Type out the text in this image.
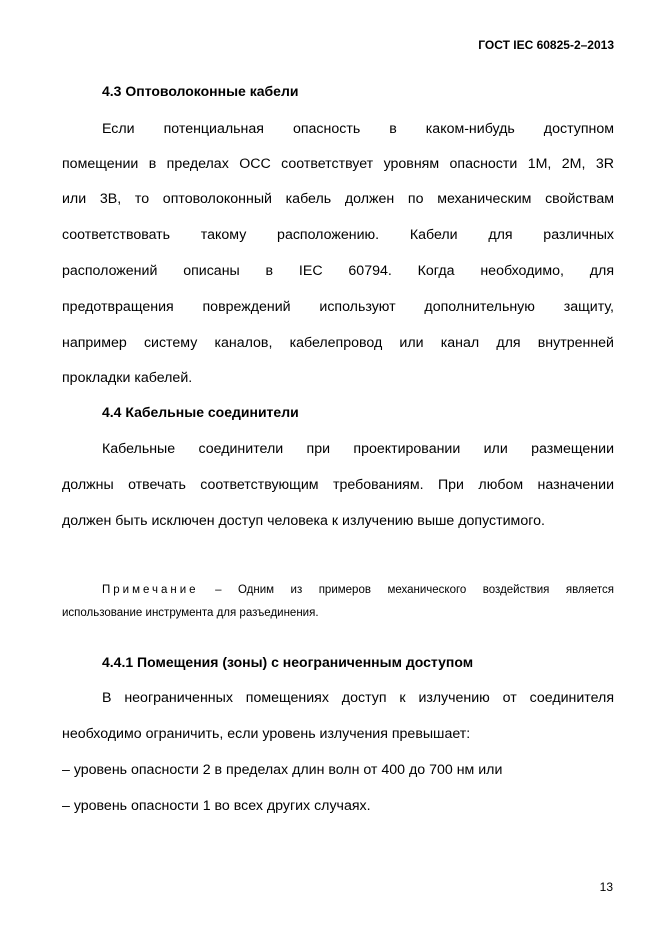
ГОСТ IEC 60825-2–2013
4.3 Оптоволоконные кабели
Если потенциальная опасность в каком-нибудь доступном
помещении в пределах ОСС соответствует уровням опасности 1М, 2М, 3R
или 3В, то оптоволоконный кабель должен по механическим свойствам
соответствовать такому расположению. Кабели для различных
расположений описаны в IEC 60794. Когда необходимо, для
предотвращения повреждений используют дополнительную защиту,
например систему каналов, кабелепровод или канал для внутренней
прокладки кабелей.
4.4 Кабельные соединители
Кабельные соединители при проектировании или размещении
должны отвечать соответствующим требованиям. При любом назначении
должен быть исключен доступ человека к излучению выше допустимого.
Примечание – Одним из примеров механического воздействия является
использование инструмента для разъединения.
4.4.1 Помещения (зоны) с неограниченным доступом
В неограниченных помещениях доступ к излучению от соединителя
необходимо ограничить, если уровень излучения превышает:
– уровень опасности 2 в пределах длин волн от 400 до 700 нм или
– уровень опасности 1 во всех других случаях.
13
